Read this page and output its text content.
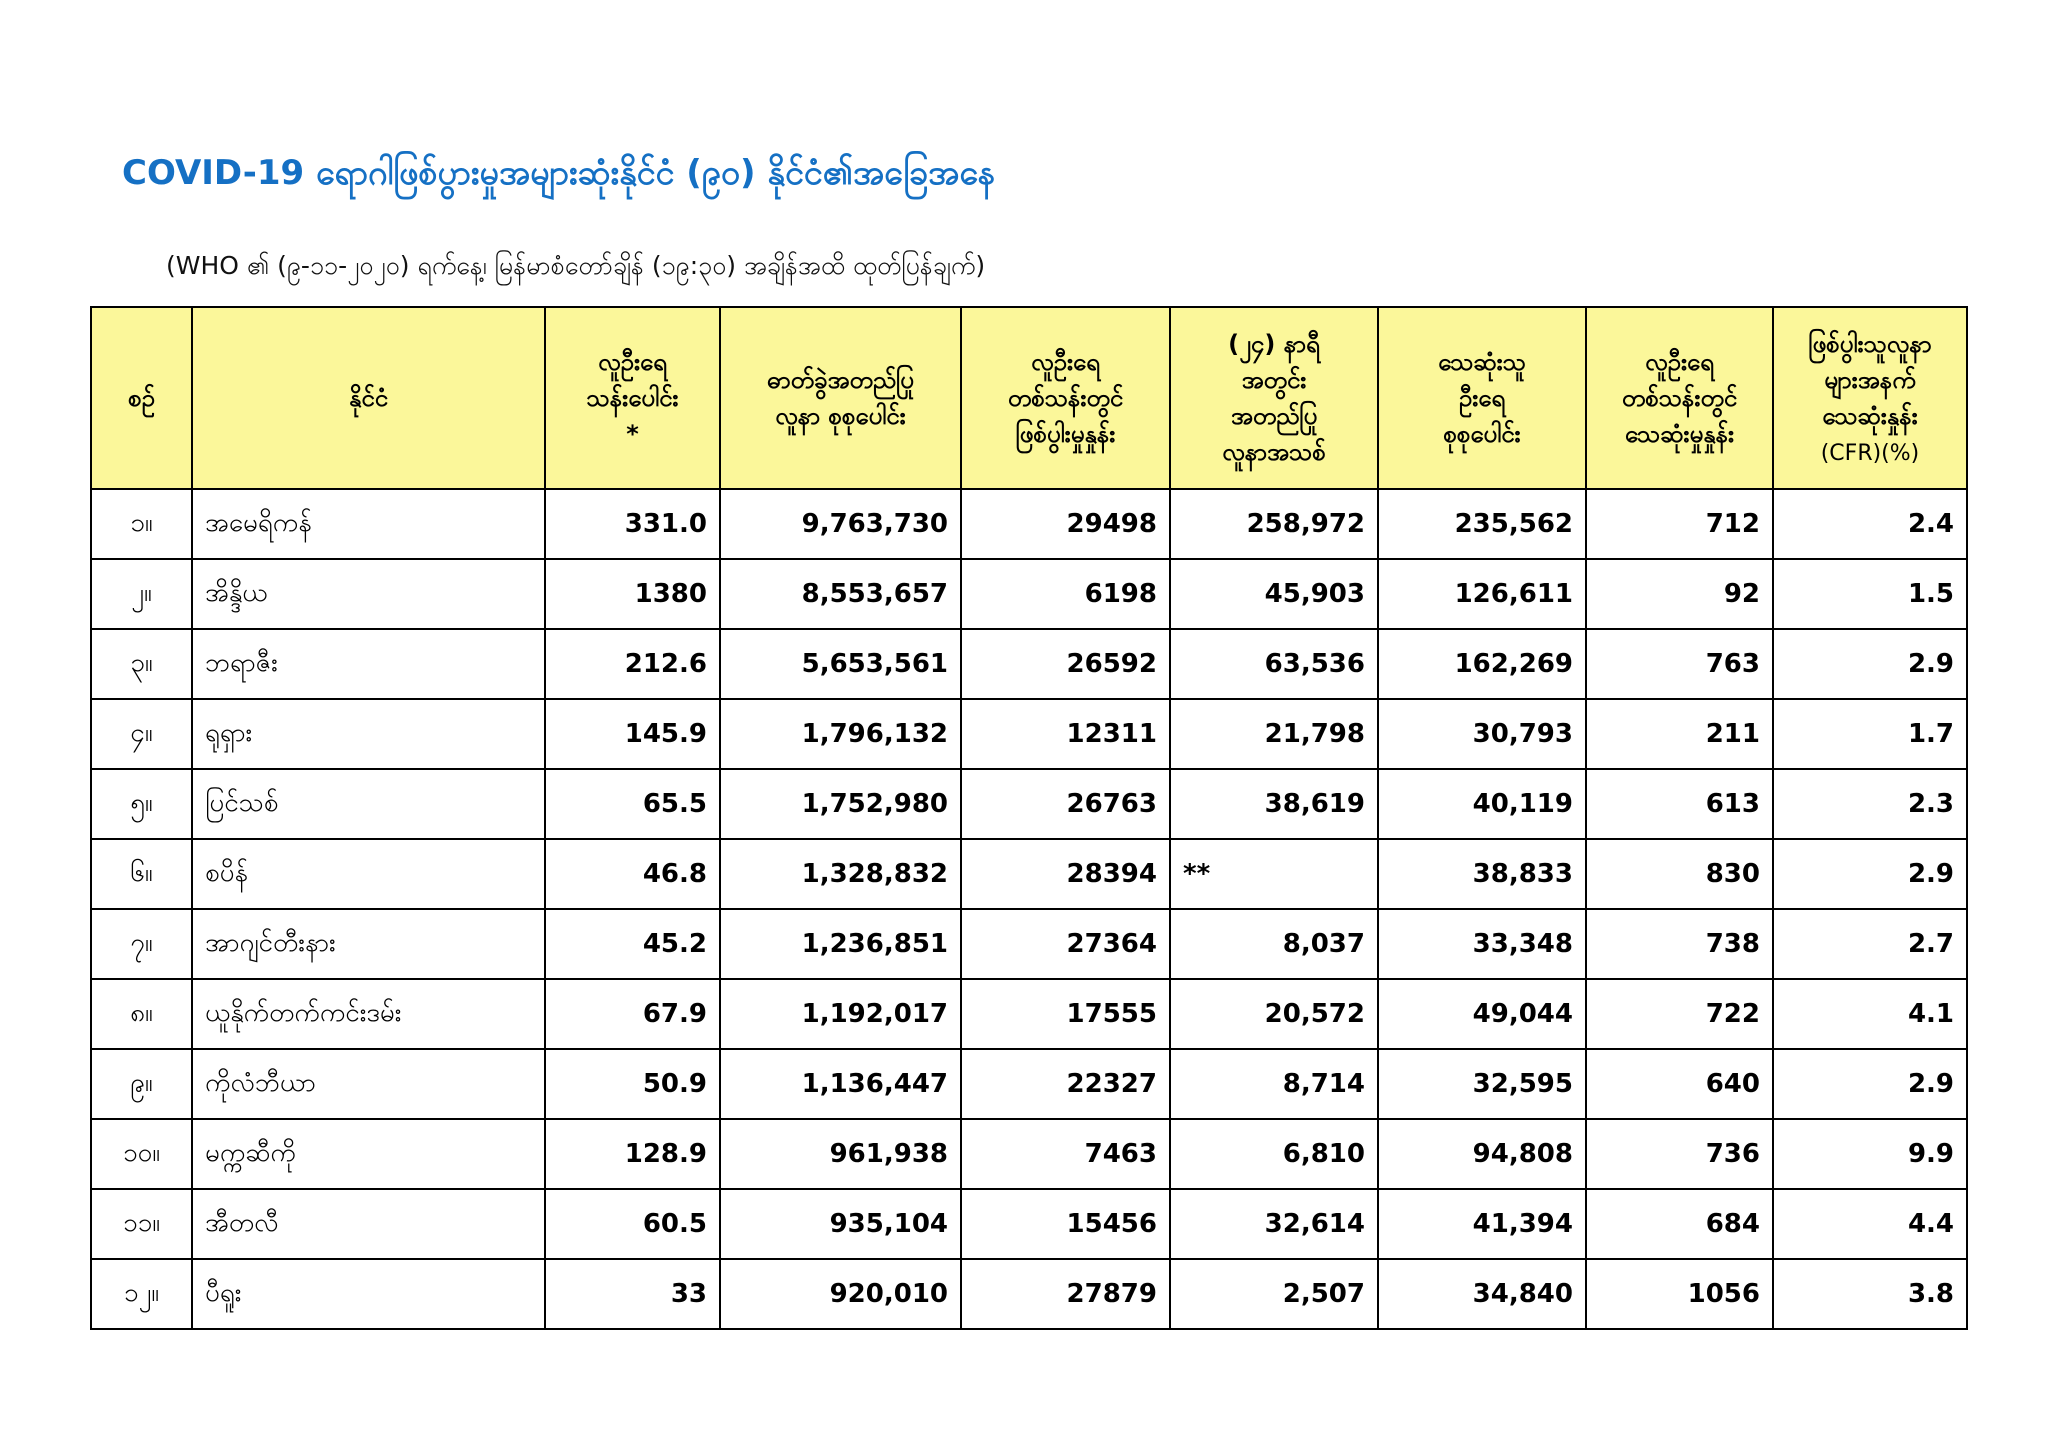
COVID-19 ရောဂါဖြစ်ပွားမှုအများဆုံးနိုင်ငံ (၉၀) နိုင်ငံ၏အခြေအနေ
(WHO ၏ (၉-၁၁-၂၀၂၀) ရက်နေ့၊ မြန်မာစံတော်ချိန် (၁၉:၃၀) အချိန်အထိ ထုတ်ပြန်ချက်)
စဉ်	နိုင်ငံ	လူဦးရေ
သန်းပေါင်း
*	ဓာတ်ခွဲအတည်ပြု
လူနာ စုစုပေါင်း	လူဦးရေ
တစ်သန်းတွင်
ဖြစ်ပွါးမှုနှုန်း	(၂၄) နာရီ
အတွင်း
အတည်ပြု
လူနာအသစ်	သေဆုံးသူ
ဦးရေ
စုစုပေါင်း	လူဦးရေ
တစ်သန်းတွင်
သေဆုံးမှုနှုန်း	ဖြစ်ပွါးသူလူနာ
များအနက်
သေဆုံးနှုန်း
(CFR)(%)
၁။	အမေရိကန်	331.0	9,763,730	29498	258,972	235,562	712	2.4
၂။	အိန္ဒိယ	1380	8,553,657	6198	45,903	126,611	92	1.5
၃။	ဘရာဇီး	212.6	5,653,561	26592	63,536	162,269	763	2.9
၄။	ရုရှား	145.9	1,796,132	12311	21,798	30,793	211	1.7
၅။	ပြင်သစ်	65.5	1,752,980	26763	38,619	40,119	613	2.3
၆။	စပိန်	46.8	1,328,832	28394	**	38,833	830	2.9
၇။	အာဂျင်တီးနား	45.2	1,236,851	27364	8,037	33,348	738	2.7
၈။	ယူနိုက်တက်ကင်းဒမ်း	67.9	1,192,017	17555	20,572	49,044	722	4.1
၉။	ကိုလံဘီယာ	50.9	1,136,447	22327	8,714	32,595	640	2.9
၁၀။	မက္ကဆီကို	128.9	961,938	7463	6,810	94,808	736	9.9
၁၁။	အီတလီ	60.5	935,104	15456	32,614	41,394	684	4.4
၁၂။	ပီရူး	33	920,010	27879	2,507	34,840	1056	3.8
